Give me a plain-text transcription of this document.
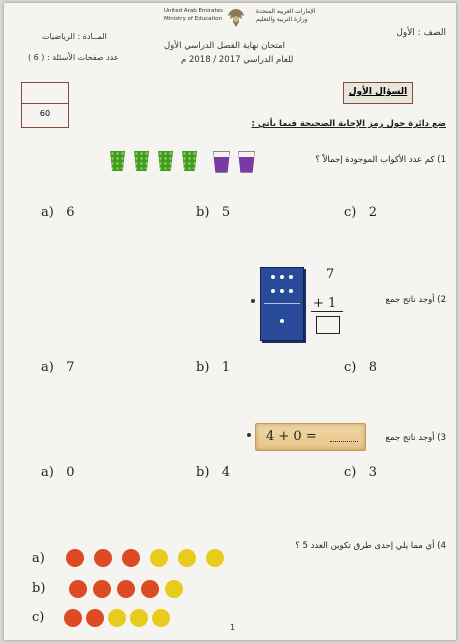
الصف : الأول
الإمارات العربية المتحدة
وزارة التربية والتعليم
United Arab Emirates
Ministry of Education
المــادة : الرياضيات
عدد صفحات الأسئلة : ( 6 )
امتحان نهاية الفصل الدراسي الأول
للعام الدراسي 2017 / 2018 م
60
السؤال الأول
ضع دائرة حول رمز الإجابة الصحيحة فيما يأتي :
1) كم عدد الأكواب الموجودة إجمالاً ؟
a) 6	b) 5	c) 2
2) أوجد ناتج جمع
7
+ 1
a) 7	b) 1	c) 8
3) أوجد ناتج جمع
4 + 0 =
a) 0	b) 4	c) 3
4) أي مما يلي إحدى طرق تكوين العدد 5 ؟
a)
b)
c)
1
